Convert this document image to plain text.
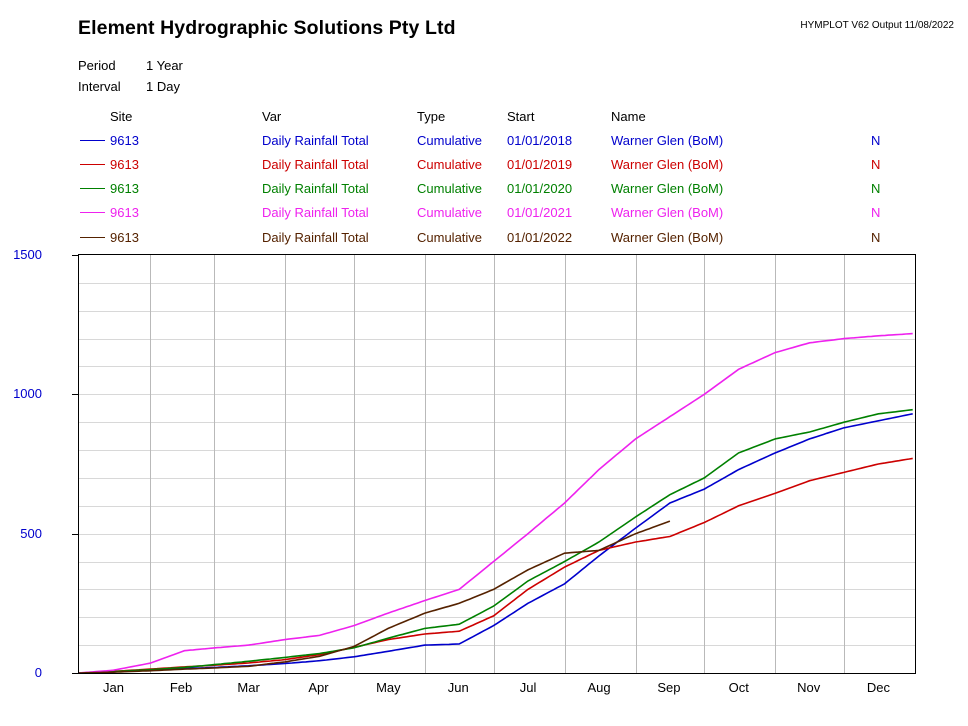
Element Hydrographic Solutions Pty Ltd	HYMPLOT V62 Output 11/08/2022
Period	1 Year
Interval	1 Day
Site	Var	Type	Start	Name
9613	Daily Rainfall Total	Cumulative	01/01/2018	Warner Glen (BoM)	N
9613	Daily Rainfall Total	Cumulative	01/01/2019	Warner Glen (BoM)	N
9613	Daily Rainfall Total	Cumulative	01/01/2020	Warner Glen (BoM)	N
9613	Daily Rainfall Total	Cumulative	01/01/2021	Warner Glen (BoM)	N
9613	Daily Rainfall Total	Cumulative	01/01/2022	Warner Glen (BoM)	N
0
500
1000
1500
Jan	Feb	Mar	Apr	May	Jun	Jul	Aug	Sep	Oct	Nov	Dec
